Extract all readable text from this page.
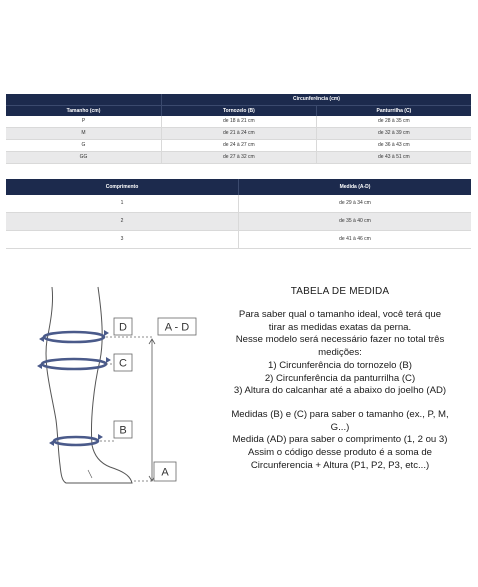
	Circunferência (cm)	
Tamanho (cm)	Tornozelo (B)	Panturrilha (C)
P	de 18 à 21 cm	de 28 à 35 cm
M	de 21 à 24 cm	de 32 à 39 cm
G	de 24 à 27 cm	de 36 à 43 cm
GG	de 27 à 32 cm	de 43 à 51 cm
Comprimento	Medida (A-D)
1	de 29 à 34 cm
2	de 35 à 40 cm
3	de 41 à 46 cm
D	A - D
C
B
A
TABELA DE MEDIDA
Para saber qual o tamanho ideal, você terá que
tirar as medidas exatas da perna.
Nesse modelo será necessário fazer no total três
medições:
1) Circunferência do tornozelo (B)
2) Circunferência da panturrilha (C)
3) Altura do calcanhar até a abaixo do joelho (AD)
Medidas (B) e (C) para saber o tamanho (ex., P, M,
G...)
Medida (AD) para saber o comprimento (1, 2 ou 3)
Assim o código desse produto é a soma de
Circunferencia + Altura (P1, P2, P3, etc...)
